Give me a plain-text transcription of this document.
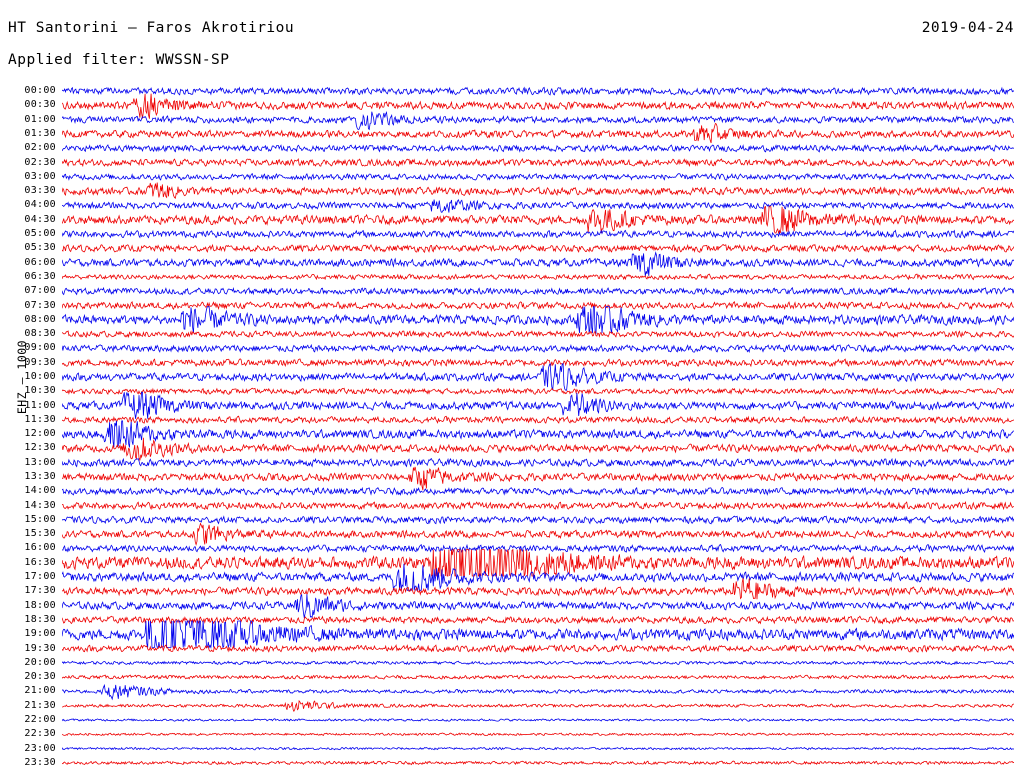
HT Santorini — Faros Akrotiriou	2019-04-24
Applied filter: WWSSN-SP
EHZ — 1000
00:00
00:30
01:00
01:30
02:00
02:30
03:00
03:30
04:00
04:30
05:00
05:30
06:00
06:30
07:00
07:30
08:00
08:30
09:00
09:30
10:00
10:30
11:00
11:30
12:00
12:30
13:00
13:30
14:00
14:30
15:00
15:30
16:00
16:30
17:00
17:30
18:00
18:30
19:00
19:30
20:00
20:30
21:00
21:30
22:00
22:30
23:00
23:30
